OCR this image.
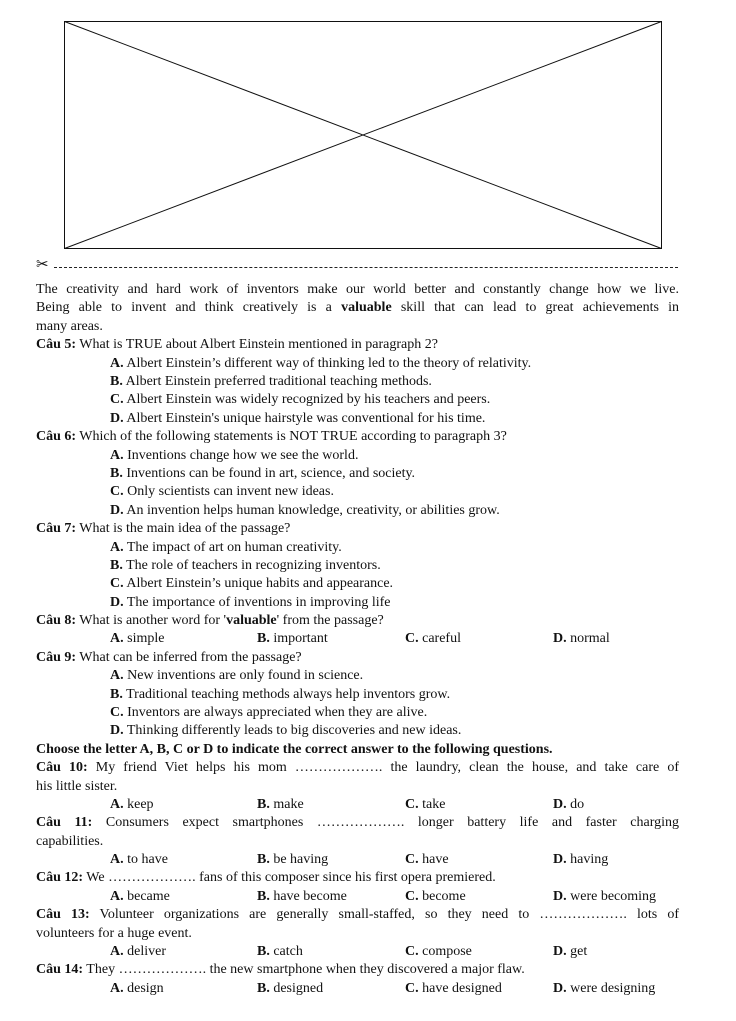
✂
The creativity and hard work of inventors make our world better and constantly change how we live.
Being able to invent and think creatively is a valuable skill that can lead to great achievements in
many areas.
Câu 5: What is TRUE about Albert Einstein mentioned in paragraph 2?
A. Albert Einstein’s different way of thinking led to the theory of relativity.
B. Albert Einstein preferred traditional teaching methods.
C. Albert Einstein was widely recognized by his teachers and peers.
D. Albert Einstein's unique hairstyle was conventional for his time.
Câu 6: Which of the following statements is NOT TRUE according to paragraph 3?
A. Inventions change how we see the world.
B. Inventions can be found in art, science, and society.
C. Only scientists can invent new ideas.
D. An invention helps human knowledge, creativity, or abilities grow.
Câu 7: What is the main idea of the passage?
A. The impact of art on human creativity.
B. The role of teachers in recognizing inventors.
C. Albert Einstein’s unique habits and appearance.
D. The importance of inventions in improving life
Câu 8: What is another word for 'valuable' from the passage?
A. simple	B. important	C. careful	D. normal
Câu 9: What can be inferred from the passage?
A. New inventions are only found in science.
B. Traditional teaching methods always help inventors grow.
C. Inventors are always appreciated when they are alive.
D. Thinking differently leads to big discoveries and new ideas.
Choose the letter A, B, C or D to indicate the correct answer to the following questions.
Câu 10: My friend Viet helps his mom ………………. the laundry, clean the house, and take care of
his little sister.
A. keep	B. make	C. take	D. do
Câu 11: Consumers expect smartphones ………………. longer battery life and faster charging
capabilities.
A. to have	B. be having	C. have	D. having
Câu 12: We ………………. fans of this composer since his first opera premiered.
A. became	B. have become	C. become	D. were becoming
Câu 13: Volunteer organizations are generally small-staffed, so they need to ………………. lots of
volunteers for a huge event.
A. deliver	B. catch	C. compose	D. get
Câu 14: They ………………. the new smartphone when they discovered a major flaw.
A. design	B. designed	C. have designed	D. were designing
